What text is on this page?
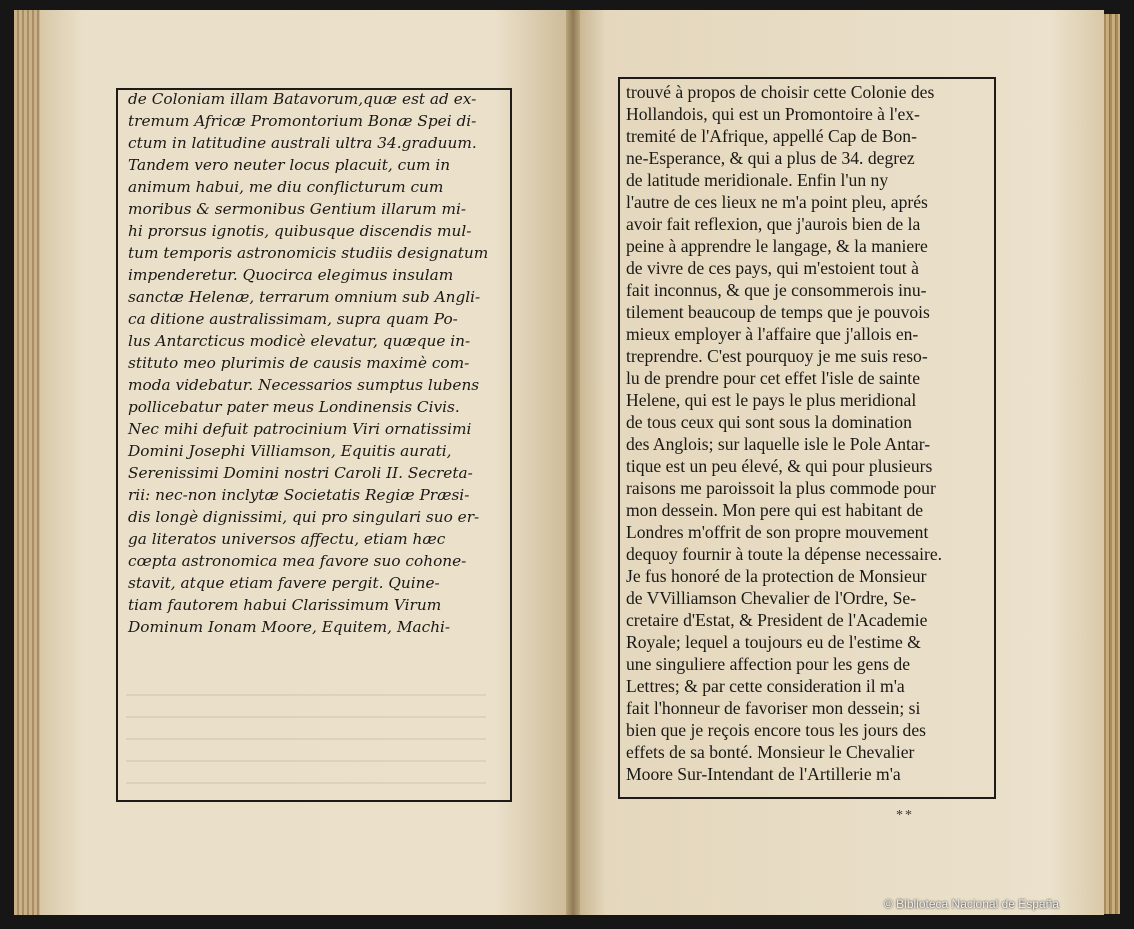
de Coloniam illam Batavorum,quæ est ad ex-
tremum Africæ Promontorium Bonæ Spei di-
ctum in latitudine australi ultra 34.graduum.
Tandem vero neuter locus placuit, cum in
animum habui, me diu conflicturum cum
moribus & sermonibus Gentium illarum mi-
hi prorsus ignotis, quibusque discendis mul-
tum temporis astronomicis studiis designatum
impenderetur. Quocirca elegimus insulam
sanctæ Helenæ, terrarum omnium sub Angli-
ca ditione australissimam, supra quam Po-
lus Antarcticus modicè elevatur, quæque in-
stituto meo plurimis de causis maximè com-
moda videbatur. Necessarios sumptus lubens
pollicebatur pater meus Londinensis Civis.
Nec mihi defuit patrocinium Viri ornatissimi
Domini Josephi Villiamson, Equitis aurati,
Serenissimi Domini nostri Caroli II. Secreta-
rii: nec-non inclytæ Societatis Regiæ Præsi-
dis longè dignissimi, qui pro singulari suo er-
ga literatos universos affectu, etiam hæc
cœpta astronomica mea favore suo cohone-
stavit, atque etiam favere pergit. Quine-
tiam fautorem habui Clarissimum Virum
Dominum Ionam Moore, Equitem, Machi-
trouvé à propos de choisir cette Colonie des
Hollandois, qui est un Promontoire à l'ex-
tremité de l'Afrique, appellé Cap de Bon-
ne-Esperance, & qui a plus de 34. degrez
de latitude meridionale. Enfin l'un ny
l'autre de ces lieux ne m'a point pleu, aprés
avoir fait reflexion, que j'aurois bien de la
peine à apprendre le langage, & la maniere
de vivre de ces pays, qui m'estoient tout à
fait inconnus, & que je consommerois inu-
tilement beaucoup de temps que je pouvois
mieux employer à l'affaire que j'allois en-
treprendre. C'est pourquoy je me suis reso-
lu de prendre pour cet effet l'isle de sainte
Helene, qui est le pays le plus meridional
de tous ceux qui sont sous la domination
des Anglois; sur laquelle isle le Pole Antar-
tique est un peu élevé, & qui pour plusieurs
raisons me paroissoit la plus commode pour
mon dessein. Mon pere qui est habitant de
Londres m'offrit de son propre mouvement
dequoy fournir à toute la dépense necessaire.
Je fus honoré de la protection de Monsieur
de VVilliamson Chevalier de l'Ordre, Se-
cretaire d'Estat, & President de l'Academie
Royale; lequel a toujours eu de l'estime &
une singuliere affection pour les gens de
Lettres; & par cette consideration il m'a
fait l'honneur de favoriser mon dessein; si
bien que je reçois encore tous les jours des
effets de sa bonté. Monsieur le Chevalier
Moore Sur-Intendant de l'Artillerie m'a
**
© Biblioteca Nacional de España
